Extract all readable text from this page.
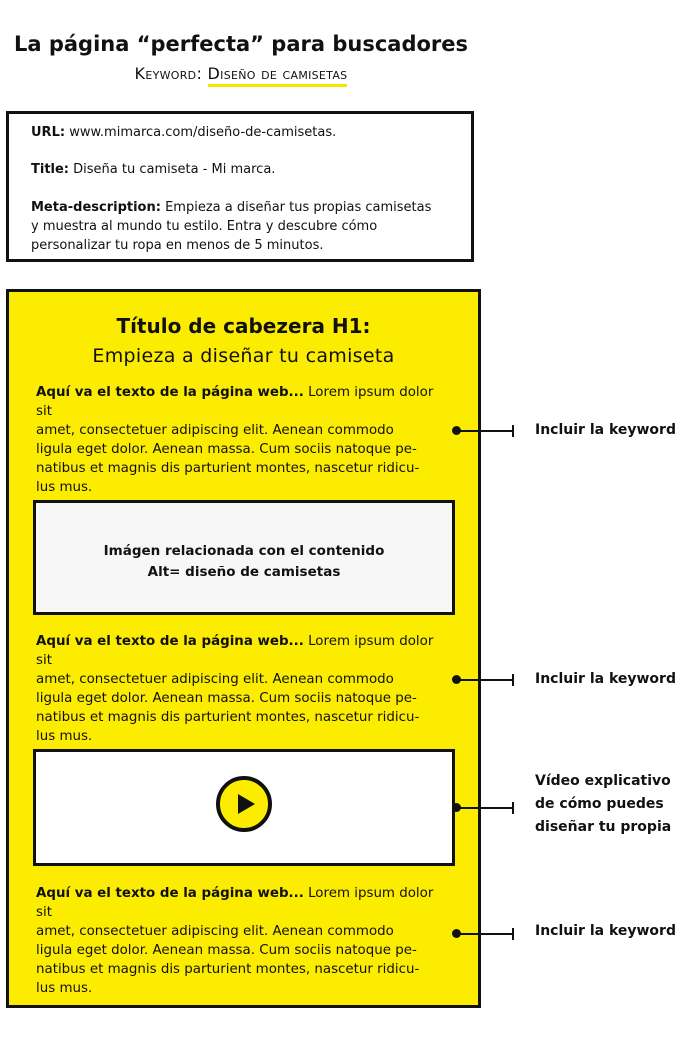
La página “perfecta” para buscadores
Keyword: Diseño de camisetas
URL: www.mimarca.com/diseño-de-camisetas.
Title: Diseña tu camiseta - Mi marca.
Meta-description: Empieza a diseñar tus propias camisetas
y muestra al mundo tu estilo. Entra y descubre cómo
personalizar tu ropa en menos de 5 minutos.
Título de cabezera H1:
Empieza a diseñar tu camiseta
Aquí va el texto de la página web... Lorem ipsum dolor sit
amet, consectetuer adipiscing elit. Aenean commodo
ligula eget dolor. Aenean massa. Cum sociis natoque pe-
natibus et magnis dis parturient montes, nascetur ridicu-
lus mus.
Imágen relacionada con el contenido
Alt= diseño de camisetas
Aquí va el texto de la página web... Lorem ipsum dolor sit
amet, consectetuer adipiscing elit. Aenean commodo
ligula eget dolor. Aenean massa. Cum sociis natoque pe-
natibus et magnis dis parturient montes, nascetur ridicu-
lus mus.
Aquí va el texto de la página web... Lorem ipsum dolor sit
amet, consectetuer adipiscing elit. Aenean commodo
ligula eget dolor. Aenean massa. Cum sociis natoque pe-
natibus et magnis dis parturient montes, nascetur ridicu-
lus mus.
Incluir la keyword
Incluir la keyword
Vídeo explicativo
de cómo puedes
diseñar tu propia
Incluir la keyword
